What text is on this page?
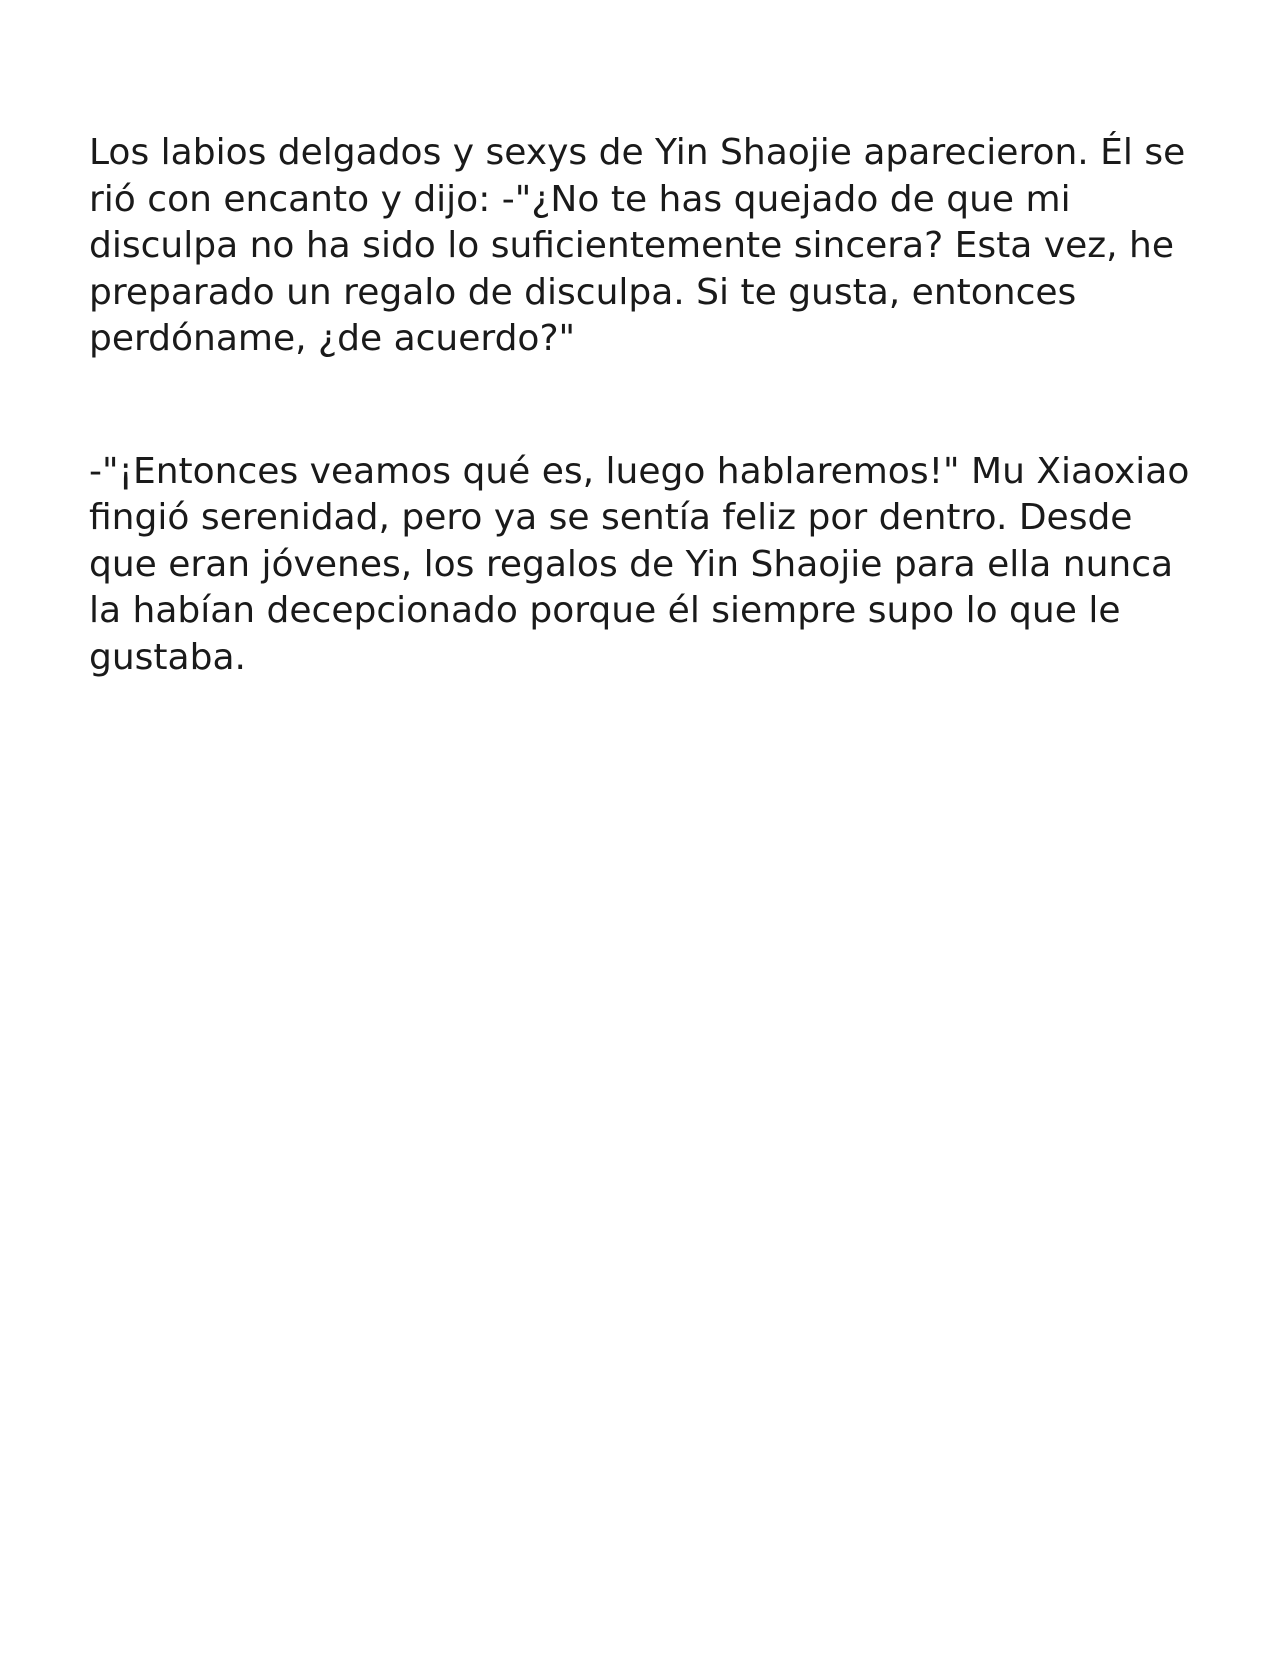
Los labios delgados y sexys de Yin Shaojie aparecieron. Él se rió con encanto y dijo: -"¿No te has quejado de que mi disculpa no ha sido lo suficientemente sincera? Esta vez, he preparado un regalo de disculpa. Si te gusta, entonces perdóname, ¿de acuerdo?"

-"¡Entonces veamos qué es, luego hablaremos!" Mu Xiaoxiao fingió serenidad, pero ya se sentía feliz por dentro. Desde que eran jóvenes, los regalos de Yin Shaojie para ella nunca la habían decepcionado porque él siempre supo lo que le gustaba.
